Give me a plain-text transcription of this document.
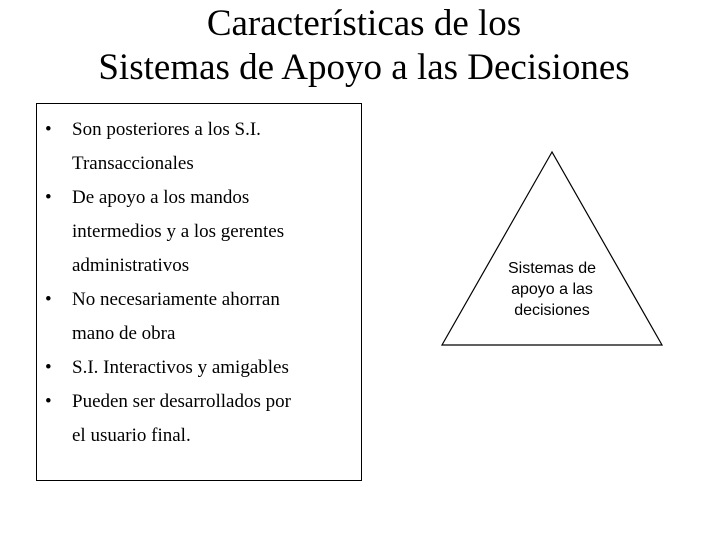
Características de los
Sistemas de Apoyo a las Decisiones
• Son posteriores a los S.I.
Transaccionales
• De apoyo a los mandos
intermedios y a los gerentes
administrativos
• No necesariamente ahorran
mano de obra
• S.I. Interactivos y amigables
• Pueden ser desarrollados por
el usuario final.
Sistemas de
apoyo a las
decisiones
